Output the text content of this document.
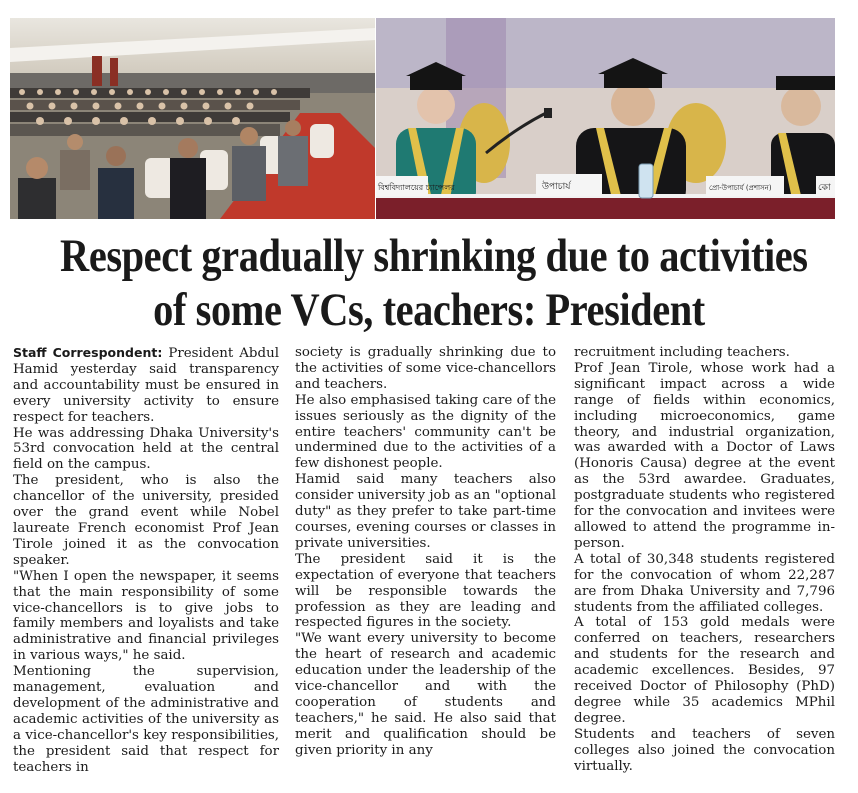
বিশ্ববিদ্যালয়ের চ্যান্সেলর	উপাচার্য	প্রো-উপাচার্য (প্রশাসন)	কো
Respect gradually shrinking due to activities
of some VCs, teachers: President

Staff Correspondent: President Abdul Hamid yesterday said transparency and accountability must be ensured in every university activity to ensure respect for teachers.

He was addressing Dhaka University's 53rd convocation held at the central field on the campus.

The president, who is also the chancellor of the university, presided over the grand event while Nobel laureate French economist Prof Jean Tirole joined it as the convocation speaker.

"When I open the newspaper, it seems that the main responsibility of some vice-chancellors is to give jobs to family members and loyalists and take administrative and financial privileges in various ways," he said.

Mentioning the supervision, management, evaluation and development of the administrative and academic activities of the university as a vice-chancellor's key responsibilities, the president said that respect for teachers in

society is gradually shrinking due to the activities of some vice-chancellors and teachers.

He also emphasised taking care of the issues seriously as the dignity of the entire teachers' community can't be undermined due to the activities of a few dishonest people.

Hamid said many teachers also consider university job as an "optional duty" as they prefer to take part-time courses, evening courses or classes in private universities.

The president said it is the expectation of everyone that teachers will be responsible towards the profession as they are leading and respected figures in the society.

"We want every university to become the heart of research and academic education under the leadership of the vice-chancellor and with the cooperation of students and teachers," he said. He also said that merit and qualification should be given priority in any

recruitment including teachers.

Prof Jean Tirole, whose work had a significant impact across a wide range of fields within economics, including microeconomics, game theory, and industrial organization, was awarded with a Doctor of Laws (Honoris Causa) degree at the event as the 53rd awardee. Graduates, postgraduate students who registered for the convocation and invitees were allowed to attend the programme in-person.

A total of 30,348 students registered for the convocation of whom 22,287 are from Dhaka University and 7,796 students from the affiliated colleges.

A total of 153 gold medals were conferred on teachers, researchers and students for the research and academic excellences. Besides, 97 received Doctor of Philosophy (PhD) degree while 35 academics MPhil degree.

Students and teachers of seven colleges also joined the convocation virtually.
